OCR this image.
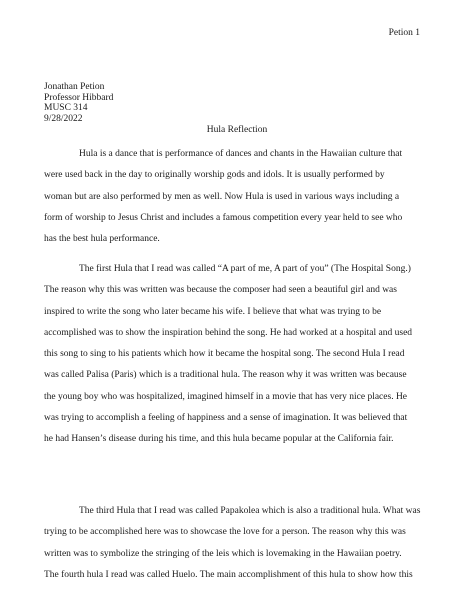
Petion 1
Jonathan Petion
Professor Hibbard
MUSC 314
9/28/2022
Hula Reflection
Hula is a dance that is performance of dances and chants in the Hawaiian culture that
were used back in the day to originally worship gods and idols. It is usually performed by
woman but are also performed by men as well. Now Hula is used in various ways including a
form of worship to Jesus Christ and includes a famous competition every year held to see who
has the best hula performance.
The first Hula that I read was called “A part of me, A part of you” (The Hospital Song.)
The reason why this was written was because the composer had seen a beautiful girl and was
inspired to write the song who later became his wife. I believe that what was trying to be
accomplished was to show the inspiration behind the song. He had worked at a hospital and used
this song to sing to his patients which how it became the hospital song. The second Hula I read
was called Palisa (Paris) which is a traditional hula. The reason why it was written was because
the young boy who was hospitalized, imagined himself in a movie that has very nice places. He
was trying to accomplish a feeling of happiness and a sense of imagination. It was believed that
he had Hansen’s disease during his time, and this hula became popular at the California fair.
The third Hula that I read was called Papakolea which is also a traditional hula. What was
trying to be accomplished here was to showcase the love for a person. The reason why this was
written was to symbolize the stringing of the leis which is lovemaking in the Hawaiian poetry.
The fourth hula I read was called Huelo. The main accomplishment of this hula to show how this
